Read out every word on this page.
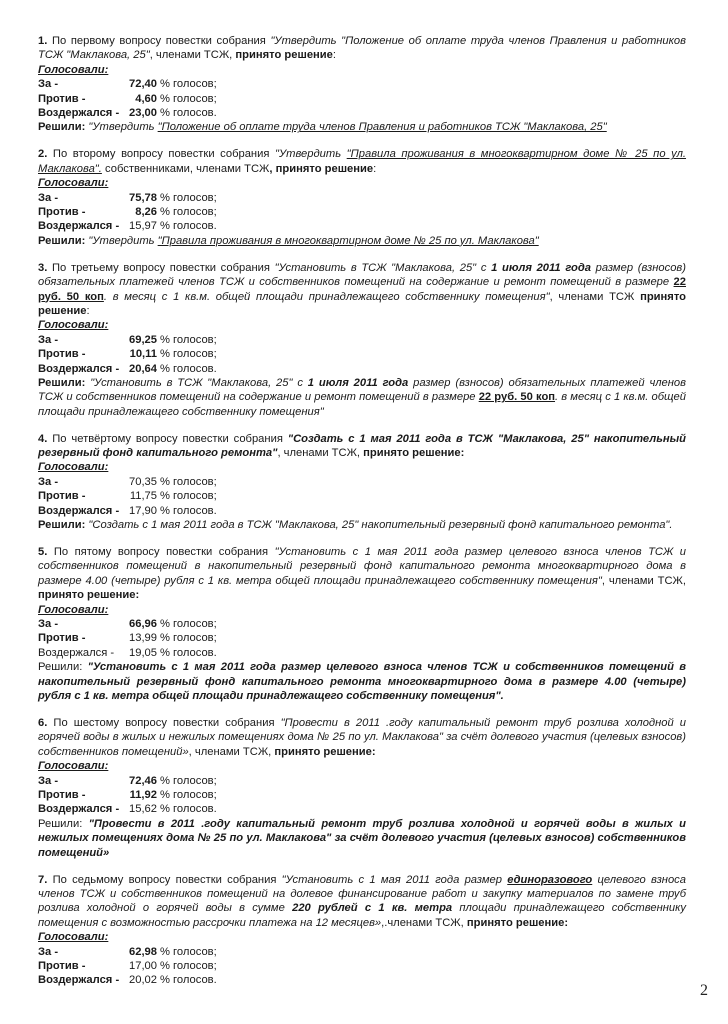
1. По первому вопросу повестки собрания "Утвердить "Положение об оплате труда членов Правления и работников ТСЖ "Маклакова, 25", членами ТСЖ, принято решение:
Голосовали:
За -	72,40 % голосов;
Против -	4,60 % голосов;
Воздержался - 23,00 % голосов.
Решили: "Утвердить "Положение об оплате труда членов Правления и работников ТСЖ "Маклакова, 25"
2. По второму вопросу повестки собрания "Утвердить "Правила проживания в многоквартирном доме № 25 по ул. Маклакова". собственниками, членами ТСЖ, принято решение:
Голосовали:
За -	75,78 % голосов;
Против -	8,26 % голосов;
Воздержался - 15,97 % голосов.
Решили: "Утвердить "Правила проживания в многоквартирном доме № 25 по ул. Маклакова"
3. По третьему вопросу повестки собрания "Установить в ТСЖ "Маклакова, 25" с 1 июля 2011 года размер (взносов) обязательных платежей членов ТСЖ и собственников помещений на содержание и ремонт помещений в размере 22 руб. 50 коп. в месяц с 1 кв.м. общей площади принадлежащего собственнику помещения", членами ТСЖ принято решение:
Голосовали:
За -	69,25 % голосов;
Против -	10,11 % голосов;
Воздержался - 20,64 % голосов.
Решили: "Установить в ТСЖ "Маклакова, 25" с 1 июля 2011 года размер (взносов) обязательных платежей членов ТСЖ и собственников помещений на содержание и ремонт помещений в размере 22 руб. 50 коп. в месяц с 1 кв.м. общей площади принадлежащего собственнику помещения"
4. По четвёртому вопросу повестки собрания "Создать с 1 мая 2011 года в ТСЖ "Маклакова, 25" накопительный резервный фонд капитального ремонта", членами ТСЖ, принято решение:
Голосовали:
За -	70,35 % голосов;
Против -	11,75 % голосов;
Воздержался - 17,90 % голосов.
Решили: "Создать с 1 мая 2011 года в ТСЖ "Маклакова, 25" накопительный резервный фонд капитального ремонта".
5. По пятому вопросу повестки собрания "Установить с 1 мая 2011 года размер целевого взноса членов ТСЖ и собственников помещений в накопительный резервный фонд капитального ремонта многоквартирного дома в размере 4.00 (четыре) рубля с 1 кв. метра общей площади принадлежащего собственнику помещения", членами ТСЖ, принято решение:
Голосовали:
За -	66,96 % голосов;
Против -	13,99 % голосов;
Воздержался -	19,05 % голосов.
Решили: "Установить с 1 мая 2011 года размер целевого взноса членов ТСЖ и собственников помещений в накопительный резервный фонд капитального ремонта многоквартирного дома в размере 4.00 (четыре) рубля с 1 кв. метра общей площади принадлежащего собственнику помещения".
6. По шестому вопросу повестки собрания "Провести в 2011 .году капитальный ремонт труб розлива холодной и горячей воды в жилых и нежилых помещениях дома № 25 по ул. Маклакова" за счёт долевого участия (целевых взносов) собственников помещений», членами ТСЖ, принято решение:
Голосовали:
За -	72,46 % голосов;
Против -	11,92 % голосов;
Воздержался - 15,62 % голосов.
Решили: "Провести в 2011 .году капитальный ремонт труб розлива холодной и горячей воды в жилых и нежилых помещениях дома № 25 по ул. Маклакова" за счёт долевого участия (целевых взносов) собственников помещений»
7. По седьмому вопросу повестки собрания "Установить с 1 мая 2011 года размер единоразового целевого взноса членов ТСЖ и собственников помещений на долевое финансирование работ и закупку материалов по замене труб розлива холодной о горячей воды в сумме 220 рублей с 1 кв. метра площади принадлежащего собственнику помещения с возможностью рассрочки платежа на 12 месяцев»,.членами ТСЖ, принято решение:
Голосовали:
За -	62,98 % голосов;
Против -	17,00 % голосов;
Воздержался - 20,02 % голосов.
2
